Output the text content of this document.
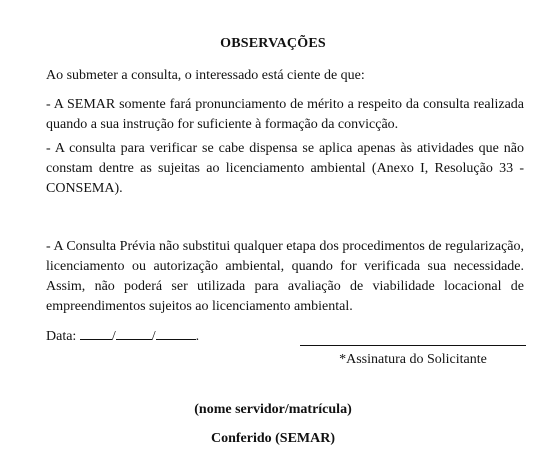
OBSERVAÇÕES

Ao submeter a consulta, o interessado está ciente de que:

- A SEMAR somente fará pronunciamento de mérito a respeito da consulta realizada quando a sua instrução for suficiente à formação da convicção.

- A consulta para verificar se cabe dispensa se aplica apenas às atividades que não constam dentre as sujeitas ao licenciamento ambiental (Anexo I, Resolução 33 - CONSEMA).

- A Consulta Prévia não substitui qualquer etapa dos procedimentos de regularização, licenciamento ou autorização ambiental, quando for verificada sua necessidade. Assim, não poderá ser utilizada para avaliação de viabilidade locacional de empreendimentos sujeitos ao licenciamento ambiental.

Data:	/	/	.
*Assinatura do Solicitante
(nome servidor/matrícula)
Conferido (SEMAR)
